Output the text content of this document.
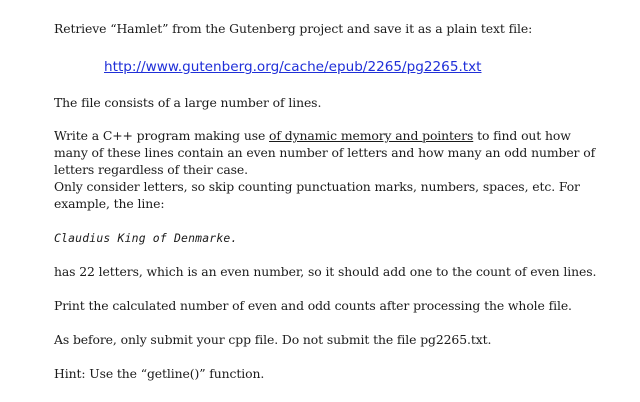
Retrieve “Hamlet” from the Gutenberg project and save it as a plain text file:
http://www.gutenberg.org/cache/epub/2265/pg2265.txt
The file consists of a large number of lines.
Write a C++ program making use of dynamic memory and pointers to find out how
many of these lines contain an even number of letters and how many an odd number of
letters regardless of their case.
Only consider letters, so skip counting punctuation marks, numbers, spaces, etc. For
example, the line:
Claudius King of Denmarke.
has 22 letters, which is an even number, so it should add one to the count of even lines.
Print the calculated number of even and odd counts after processing the whole file.
As before, only submit your cpp file. Do not submit the file pg2265.txt.
Hint: Use the “getline()” function.
